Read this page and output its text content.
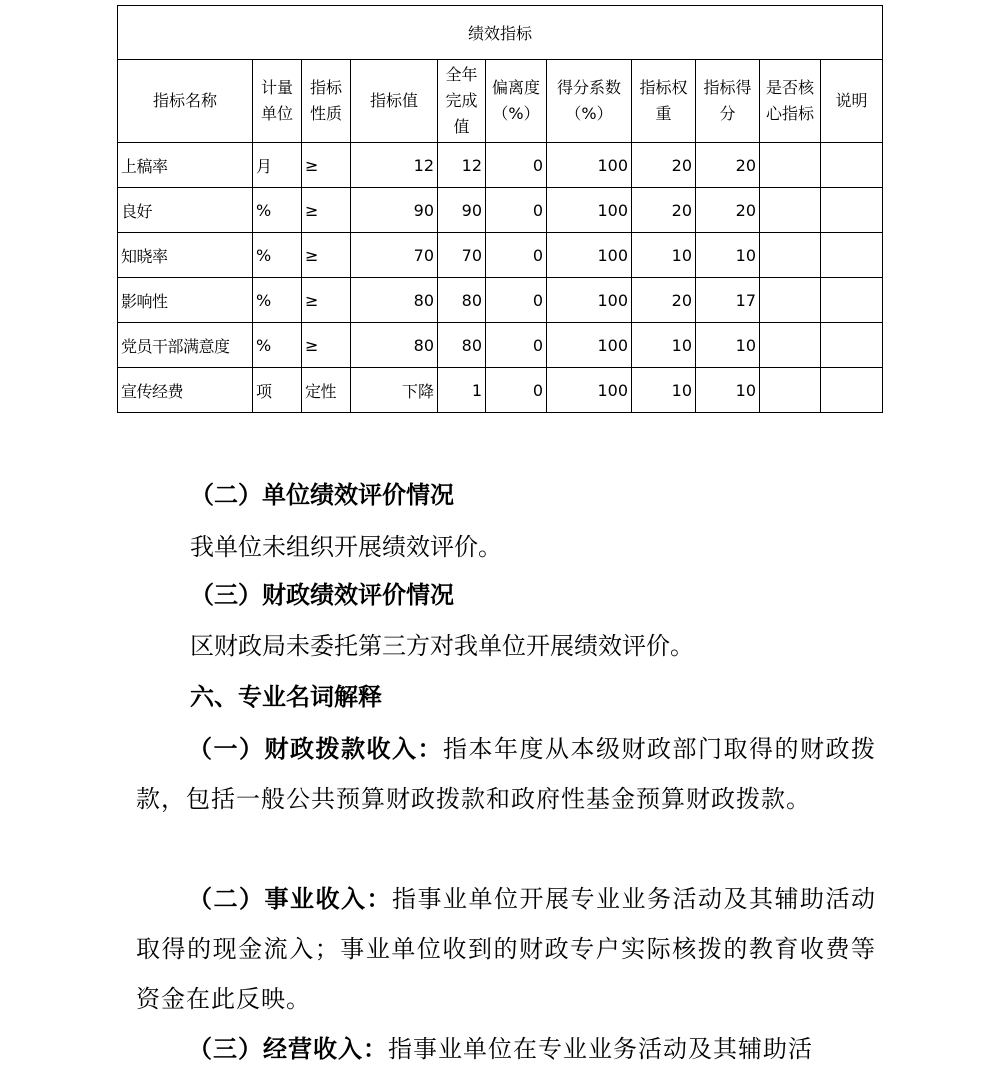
绩效指标										
指标名称	计量单位	指标性质	指标值	全年完成值	偏离度（%）	得分系数（%）	指标权重	指标得分	是否核心指标	说明
上稿率	月	≥	12	12	0	100	20	20		
良好	%	≥	90	90	0	100	20	20		
知晓率	%	≥	70	70	0	100	10	10		
影响性	%	≥	80	80	0	100	20	17		
党员干部满意度	%	≥	80	80	0	100	10	10		
宣传经费	项	定性	下降	1	0	100	10	10		

（二）单位绩效评价情况

我单位未组织开展绩效评价。

（三）财政绩效评价情况

区财政局未委托第三方对我单位开展绩效评价。

六、专业名词解释

（一）财政拨款收入：指本年度从本级财政部门取得的财政拨款，包括一般公共预算财政拨款和政府性基金预算财政拨款。

（二）事业收入：指事业单位开展专业业务活动及其辅助活动取得的现金流入；事业单位收到的财政专户实际核拨的教育收费等资金在此反映。

（三）经营收入：指事业单位在专业业务活动及其辅助活
